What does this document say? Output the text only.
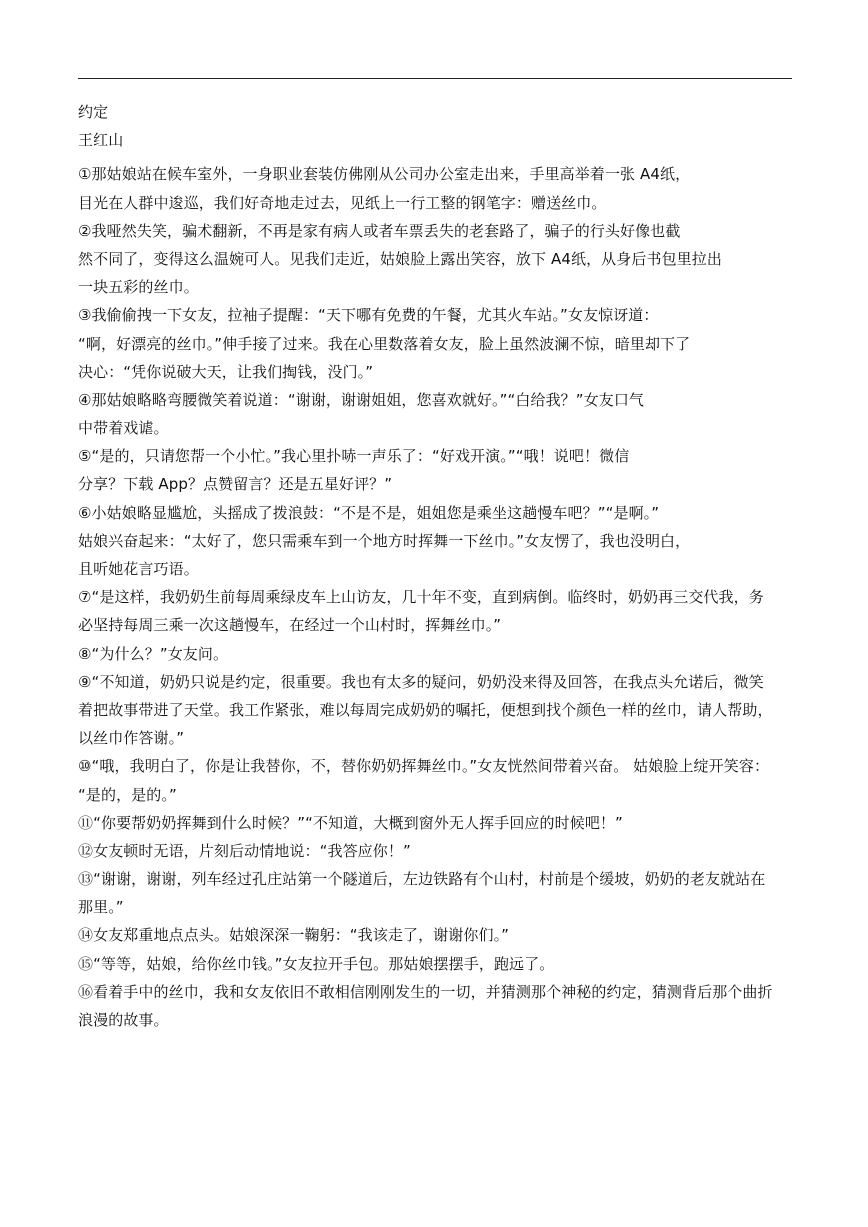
约定
王红山
①那姑娘站在候车室外，一身职业套装仿佛刚从公司办公室走出来，手里高举着一张 A4纸，
目光在人群中逡巡，我们好奇地走过去，见纸上一行工整的钢笔字：赠送丝巾。
②我哑然失笑，骗术翻新，不再是家有病人或者车票丢失的老套路了，骗子的行头好像也截
然不同了，变得这么温婉可人。见我们走近，姑娘脸上露出笑容，放下 A4纸，从身后书包里拉出
一块五彩的丝巾。
③我偷偷拽一下女友，拉袖子提醒：“天下哪有免费的午餐，尤其火车站。”女友惊讶道：
“啊，好漂亮的丝巾。”伸手接了过来。我在心里数落着女友，脸上虽然波澜不惊，暗里却下了
决心：“凭你说破大天，让我们掏钱，没门。”
④那姑娘略略弯腰微笑着说道：“谢谢，谢谢姐姐，您喜欢就好。”“白给我？”女友口气
中带着戏谑。
⑤“是的，只请您帮一个小忙。”我心里扑哧一声乐了：“好戏开演。”“哦！说吧！微信
分享？下载 App？点赞留言？还是五星好评？”
⑥小姑娘略显尴尬，头摇成了拨浪鼓：“不是不是，姐姐您是乘坐这趟慢车吧？”“是啊。”
姑娘兴奋起来：“太好了，您只需乘车到一个地方时挥舞一下丝巾。”女友愣了，我也没明白，
且听她花言巧语。
⑦“是这样，我奶奶生前每周乘绿皮车上山访友，几十年不变，直到病倒。临终时，奶奶再三交代我，务
必坚持每周三乘一次这趟慢车，在经过一个山村时，挥舞丝巾。”
⑧“为什么？”女友问。
⑨“不知道，奶奶只说是约定，很重要。我也有太多的疑问，奶奶没来得及回答，在我点头允诺后，微笑
着把故事带进了天堂。我工作紧张，难以每周完成奶奶的嘱托，便想到找个颜色一样的丝巾，请人帮助，
以丝巾作答谢。”
⑩“哦，我明白了，你是让我替你，不，替你奶奶挥舞丝巾。”女友恍然间带着兴奋。 姑娘脸上绽开笑容：
“是的，是的。”
⑪“你要帮奶奶挥舞到什么时候？”“不知道，大概到窗外无人挥手回应的时候吧！”
⑫女友顿时无语，片刻后动情地说：“我答应你！”
⑬“谢谢，谢谢，列车经过孔庄站第一个隧道后，左边铁路有个山村，村前是个缓坡，奶奶的老友就站在
那里。”
⑭女友郑重地点点头。姑娘深深一鞠躬：“我该走了，谢谢你们。”
⑮“等等，姑娘，给你丝巾钱。”女友拉开手包。那姑娘摆摆手，跑远了。
⑯看着手中的丝巾，我和女友依旧不敢相信刚刚发生的一切，并猜测那个神秘的约定，猜测背后那个曲折
浪漫的故事。
